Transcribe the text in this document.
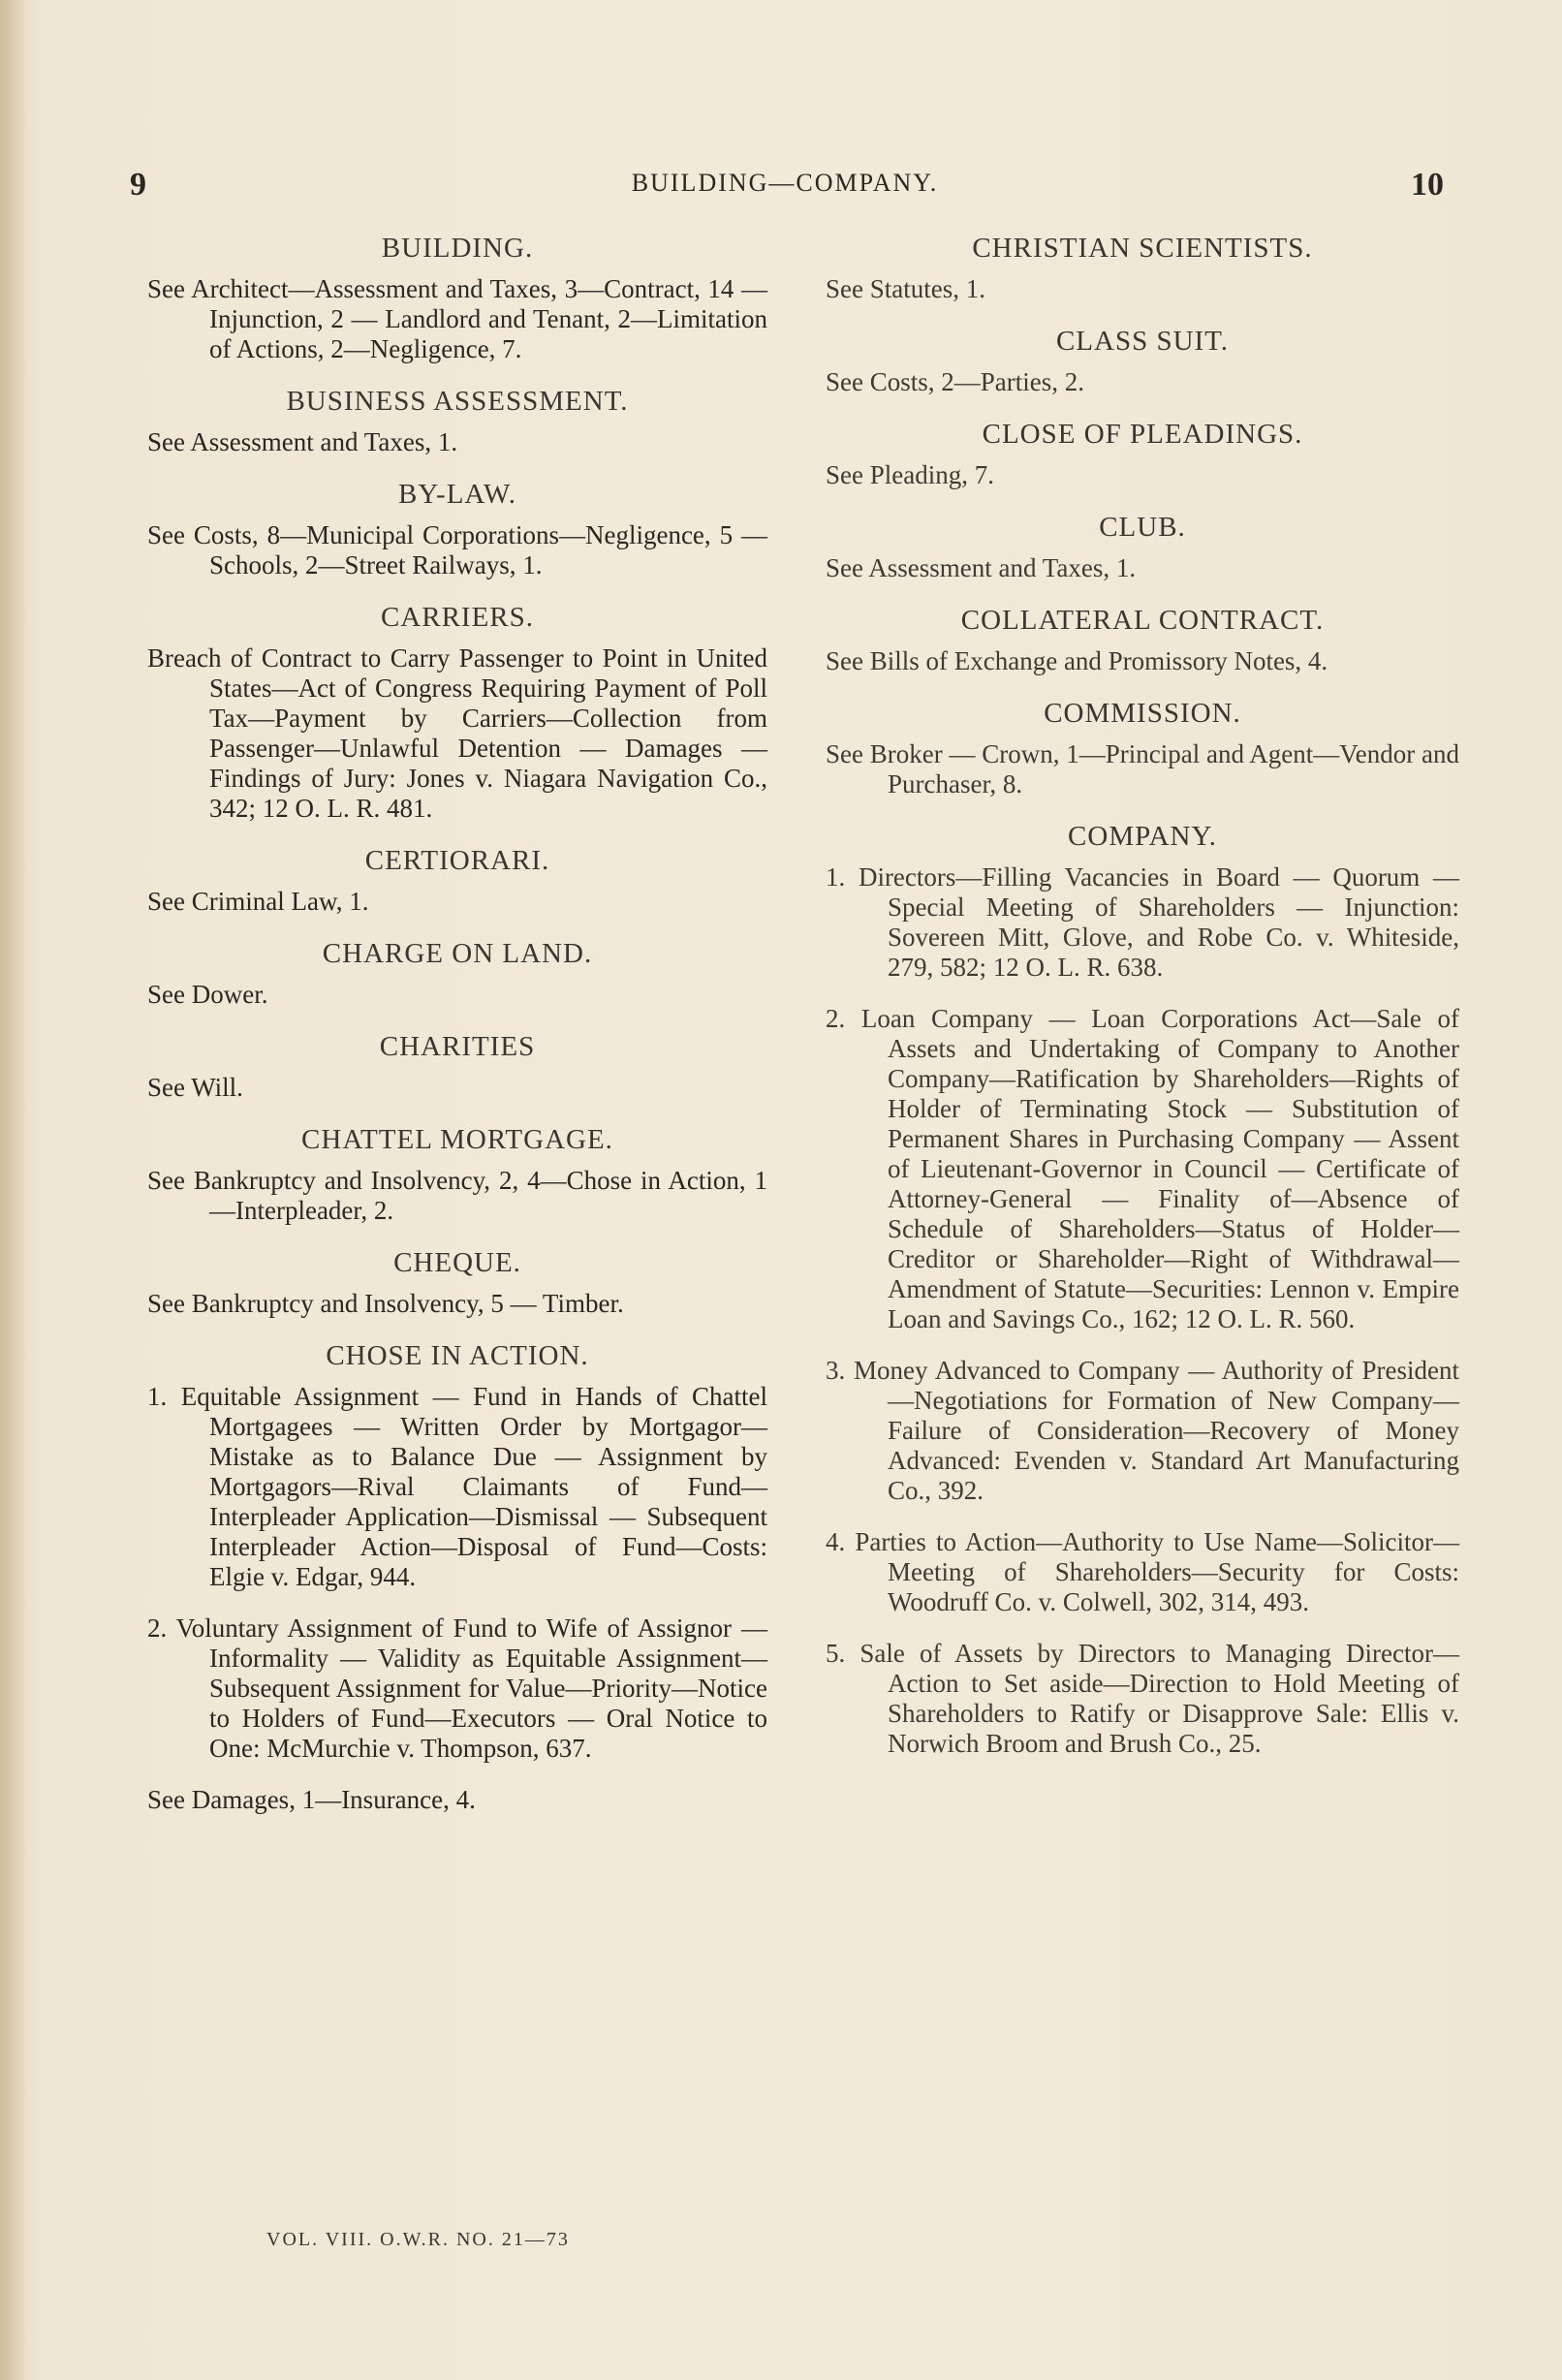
9	BUILDING—COMPANY.	10
BUILDING.
See Architect—Assessment and Taxes, 3—Contract, 14 — Injunction, 2 — Landlord and Tenant, 2—Limitation of Actions, 2—Negligence, 7.
BUSINESS ASSESSMENT.
See Assessment and Taxes, 1.
BY-LAW.
See Costs, 8—Municipal Corporations—Negligence, 5 — Schools, 2—Street Railways, 1.
CARRIERS.
Breach of Contract to Carry Passenger to Point in United States—Act of Congress Requiring Payment of Poll Tax—Payment by Carriers—Collection from Passenger—Unlawful Detention — Damages — Findings of Jury: Jones v. Niagara Navigation Co., 342; 12 O. L. R. 481.
CERTIORARI.
See Criminal Law, 1.
CHARGE ON LAND.
See Dower.
CHARITIES
See Will.
CHATTEL MORTGAGE.
See Bankruptcy and Insolvency, 2, 4—Chose in Action, 1—Interpleader, 2.
CHEQUE.
See Bankruptcy and Insolvency, 5 — Timber.
CHOSE IN ACTION.
1. Equitable Assignment — Fund in Hands of Chattel Mortgagees — Written Order by Mortgagor—Mistake as to Balance Due — Assignment by Mortgagors—Rival Claimants of Fund—Interpleader Application—Dismissal — Subsequent Interpleader Action—Disposal of Fund—Costs: Elgie v. Edgar, 944.
2. Voluntary Assignment of Fund to Wife of Assignor — Informality — Validity as Equitable Assignment—Subsequent Assignment for Value—Priority—Notice to Holders of Fund—Executors — Oral Notice to One: McMurchie v. Thompson, 637.
See Damages, 1—Insurance, 4.
VOL. VIII. O.W.R. NO. 21—73
CHRISTIAN SCIENTISTS.
See Statutes, 1.
CLASS SUIT.
See Costs, 2—Parties, 2.
CLOSE OF PLEADINGS.
See Pleading, 7.
CLUB.
See Assessment and Taxes, 1.
COLLATERAL CONTRACT.
See Bills of Exchange and Promissory Notes, 4.
COMMISSION.
See Broker — Crown, 1—Principal and Agent—Vendor and Purchaser, 8.
COMPANY.
1. Directors—Filling Vacancies in Board — Quorum — Special Meeting of Shareholders — Injunction: Sovereen Mitt, Glove, and Robe Co. v. Whiteside, 279, 582; 12 O. L. R. 638.
2. Loan Company — Loan Corporations Act—Sale of Assets and Undertaking of Company to Another Company—Ratification by Shareholders—Rights of Holder of Terminating Stock — Substitution of Permanent Shares in Purchasing Company — Assent of Lieutenant-Governor in Council — Certificate of Attorney-General — Finality of—Absence of Schedule of Shareholders—Status of Holder—Creditor or Shareholder—Right of Withdrawal—Amendment of Statute—Securities: Lennon v. Empire Loan and Savings Co., 162; 12 O. L. R. 560.
3. Money Advanced to Company — Authority of President—Negotiations for Formation of New Company—Failure of Consideration—Recovery of Money Advanced: Evenden v. Standard Art Manufacturing Co., 392.
4. Parties to Action—Authority to Use Name—Solicitor—Meeting of Shareholders—Security for Costs: Woodruff Co. v. Colwell, 302, 314, 493.
5. Sale of Assets by Directors to Managing Director—Action to Set aside—Direction to Hold Meeting of Shareholders to Ratify or Disapprove Sale: Ellis v. Norwich Broom and Brush Co., 25.
